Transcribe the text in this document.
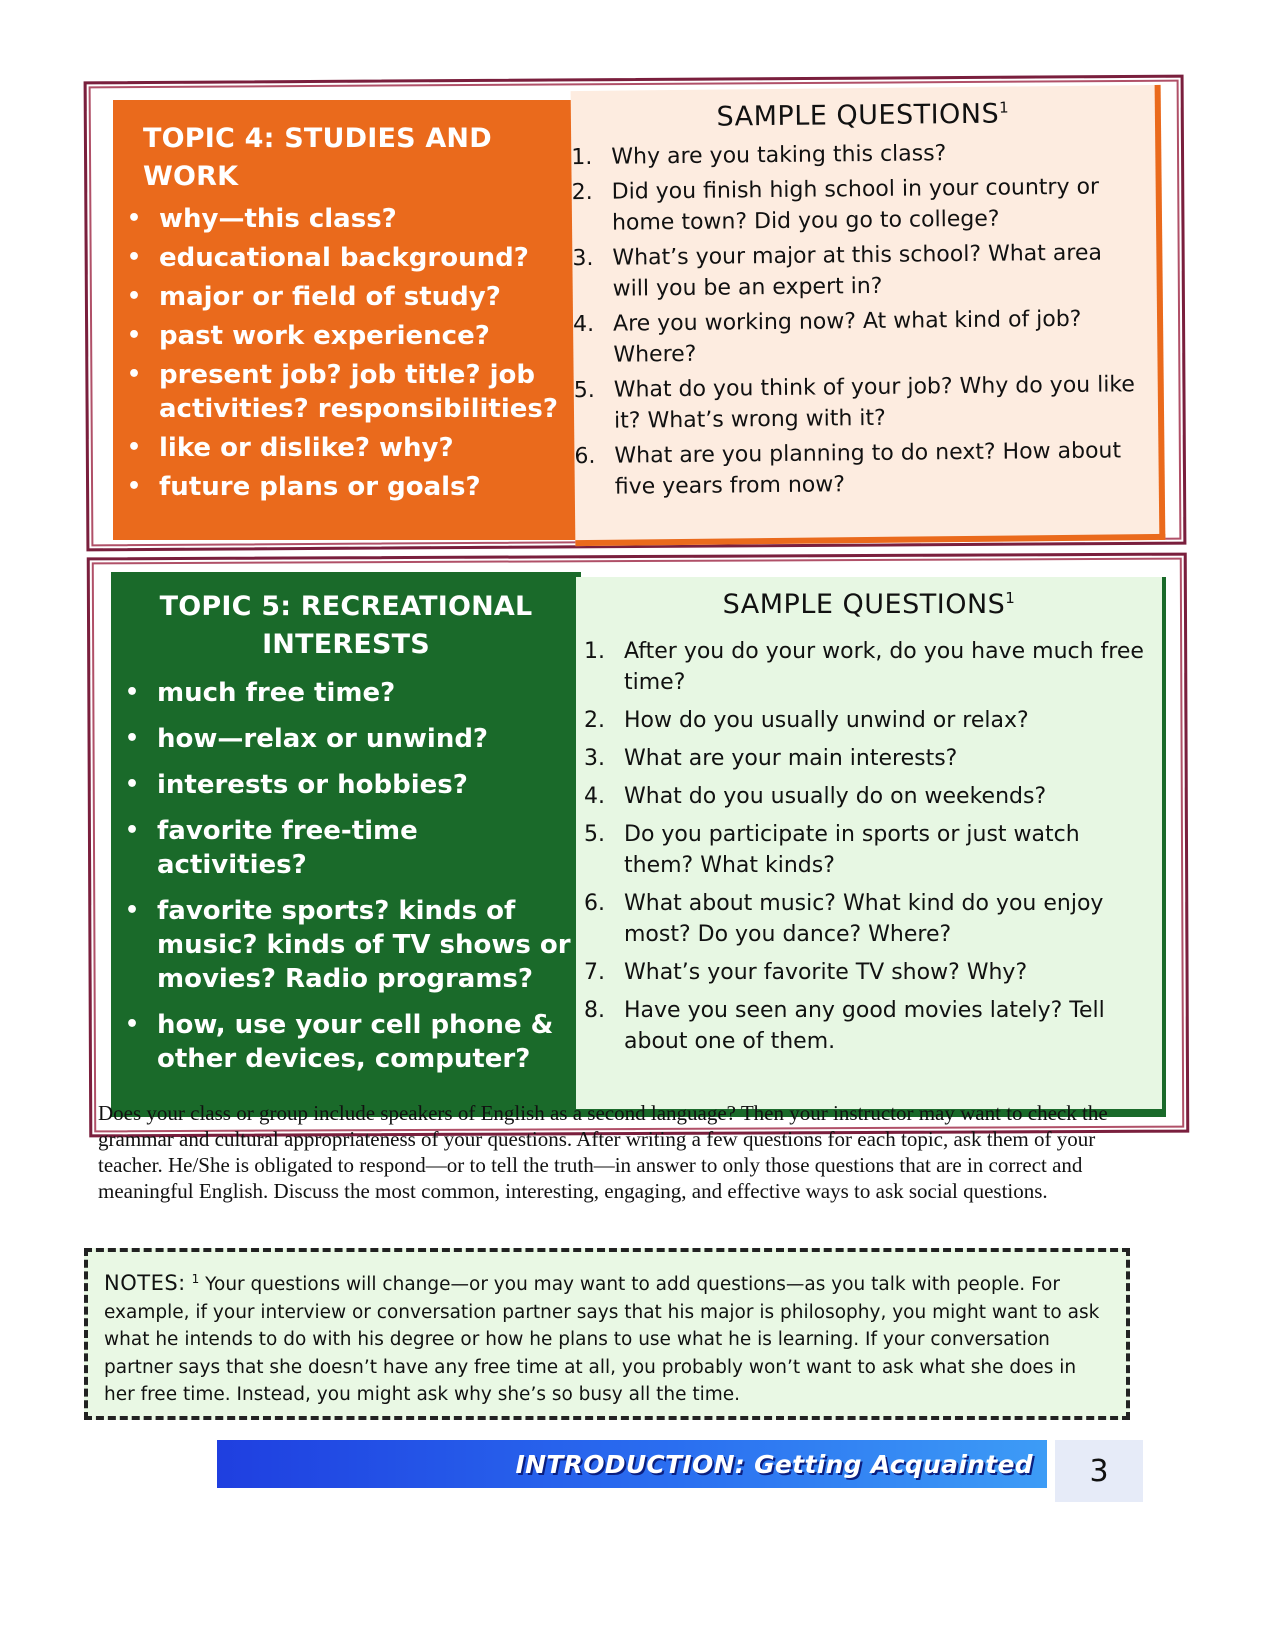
TOPIC 4: STUDIES AND WORK
• why—this class?
• educational background?
• major or field of study?
• past work experience?
• present job? job title? job activities? responsibilities?
• like or dislike? why?
• future plans or goals?
SAMPLE QUESTIONS$^1$
1. Why are you taking this class?
2. Did you finish high school in your country or home town? Did you go to college?
3. What’s your major at this school? What area will you be an expert in?
4. Are you working now? At what kind of job? Where?
5. What do you think of your job? Why do you like it? What’s wrong with it?
6. What are you planning to do next? How about five years from now?
TOPIC 5: RECREATIONAL
INTERESTS
• much free time?
• how—relax or unwind?
• interests or hobbies?
• favorite free-time activities?
• favorite sports? kinds of music? kinds of TV shows or movies? Radio programs?
• how, use your cell phone & other devices, computer?
SAMPLE QUESTIONS$^1$
1. After you do your work, do you have much free time?
2. How do you usually unwind or relax?
3. What are your main interests?
4. What do you usually do on weekends?
5. Do you participate in sports or just watch them? What kinds?
6. What about music? What kind do you enjoy most? Do you dance? Where?
7. What’s your favorite TV show? Why?
8. Have you seen any good movies lately? Tell about one of them.
Does your class or group include speakers of English as a second language? Then your instructor may want to check the grammar and cultural appropriateness of your questions. After writing a few questions for each topic, ask them of your teacher. He/She is obligated to respond—or to tell the truth—in answer to only those questions that are in correct and meaningful English. Discuss the most common, interesting, engaging, and effective ways to ask social questions.
NOTES: $^1$ Your questions will change—or you may want to add questions—as you talk with people. For example, if your interview or conversation partner says that his major is philosophy, you might want to ask what he intends to do with his degree or how he plans to use what he is learning. If your conversation partner says that she doesn’t have any free time at all, you probably won’t want to ask what she does in her free time. Instead, you might ask why she’s so busy all the time.
INTRODUCTION: Getting Acquainted 3
